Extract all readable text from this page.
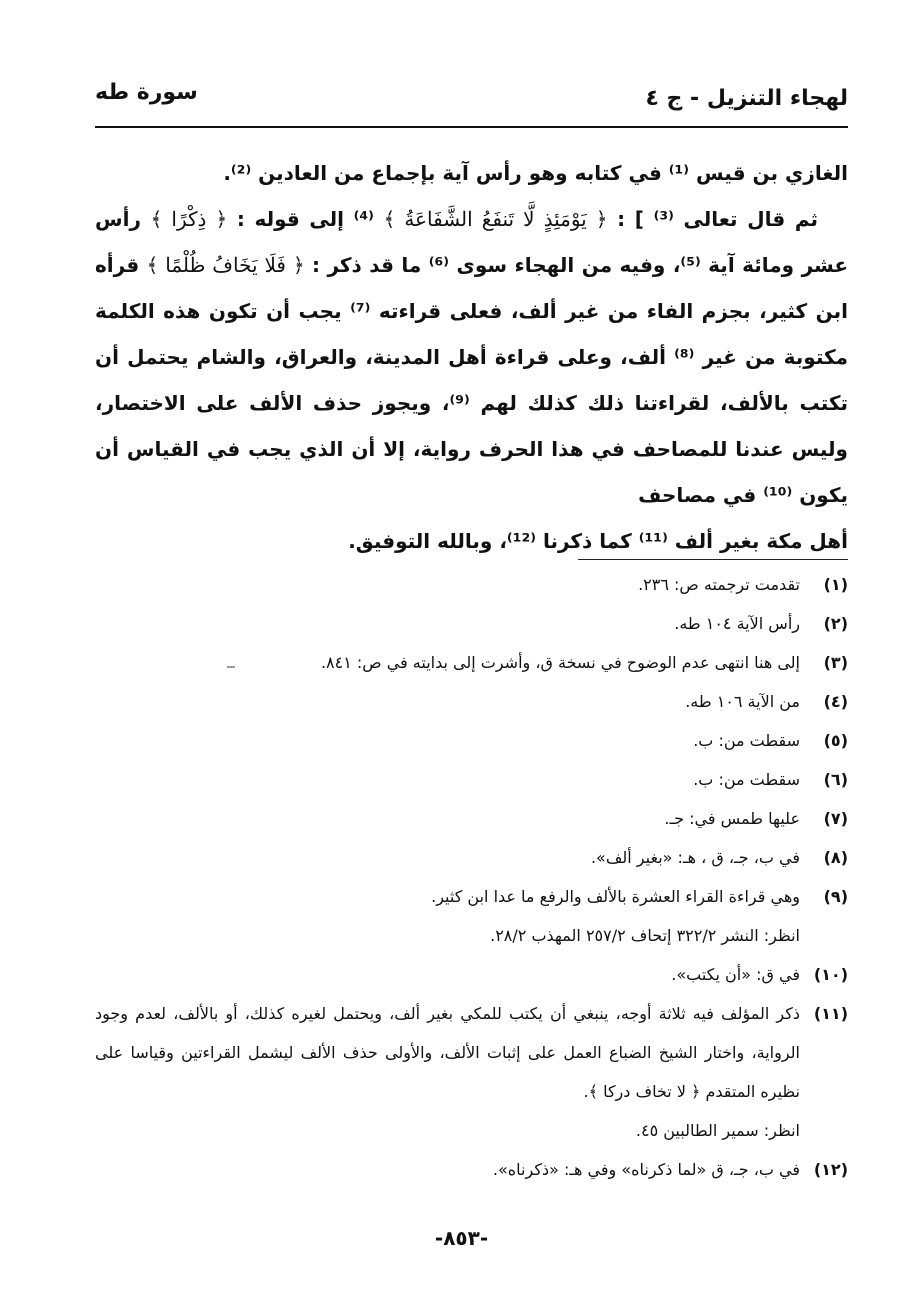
لهجاء التنزيل - ج ٤
سورة طه

الغازي بن قيس ⁽¹⁾ في كتابه وهو رأس آية بإجماع من العادين ⁽²⁾.

ثم قال تعالى ⁽³⁾ ] : ﴿ يَوْمَئِذٍ لَّا تَنفَعُ الشَّفَاعَةُ ﴾ ⁽⁴⁾ إلى قوله : ﴿ ذِكْرًا ﴾ رأس عشر ومائة آية ⁽⁵⁾، وفيه من الهجاء سوى ⁽⁶⁾ ما قد ذكر : ﴿ فَلَا يَخَافُ ظُلْمًا ﴾ قرأه ابن كثير، بجزم الفاء من غير ألف، فعلى قراءته ⁽⁷⁾ يجب أن تكون هذه الكلمة مكتوبة من غير ⁽⁸⁾ ألف، وعلى قراءة أهل المدينة، والعراق، والشام يحتمل أن تكتب بالألف، لقراءتنا ذلك كذلك لهم ⁽⁹⁾، ويجوز حذف الألف على الاختصار، وليس عندنا للمصاحف في هذا الحرف رواية، إلا أن الذي يجب في القياس أن يكون ⁽¹⁰⁾ في مصاحف

أهل مكة بغير ألف ⁽¹¹⁾ كما ذكرنا ⁽¹²⁾، وبالله التوفيق.

(١)
تقدمت ترجمته ص: ٢٣٦.
(٢)
رأس الآية ١٠٤ طه.
(٣)
إلى هنا انتهى عدم الوضوح في نسخة ق، وأشرت إلى بدايته في ص: ٨٤١.
(٤)
من الآية ١٠٦ طه.
(٥)
سقطت من: ب.
(٦)
سقطت من: ب.
(٧)
عليها طمس في: جـ.
(٨)
في ب، جـ، ق ، هـ: «بغير ألف».
(٩)
وهي قراءة القراء العشرة بالألف والرفع ما عدا ابن كثير.
انظر: النشر ٣٢٢/٢ إتحاف ٢٥٧/٢ المهذب ٢٨/٢.
(١٠)
في ق: «أن يكتب».
(١١)
ذكر المؤلف فيه ثلاثة أوجه، ينبغي أن يكتب للمكي بغير ألف، ويحتمل لغيره كذلك، أو بالألف، لعدم وجود الرواية، واختار الشيخ الضباع العمل على إثبات الألف، والأولى حذف الألف ليشمل القراءتين وقياسا على نظيره المتقدم ﴿ لا تخاف دركا ﴾.
انظر: سمير الطالبين ٤٥.
(١٢)
في ب، جـ، ق «لما ذكرناه» وفي هـ: «ذكرناه».
-٨٥٣-
